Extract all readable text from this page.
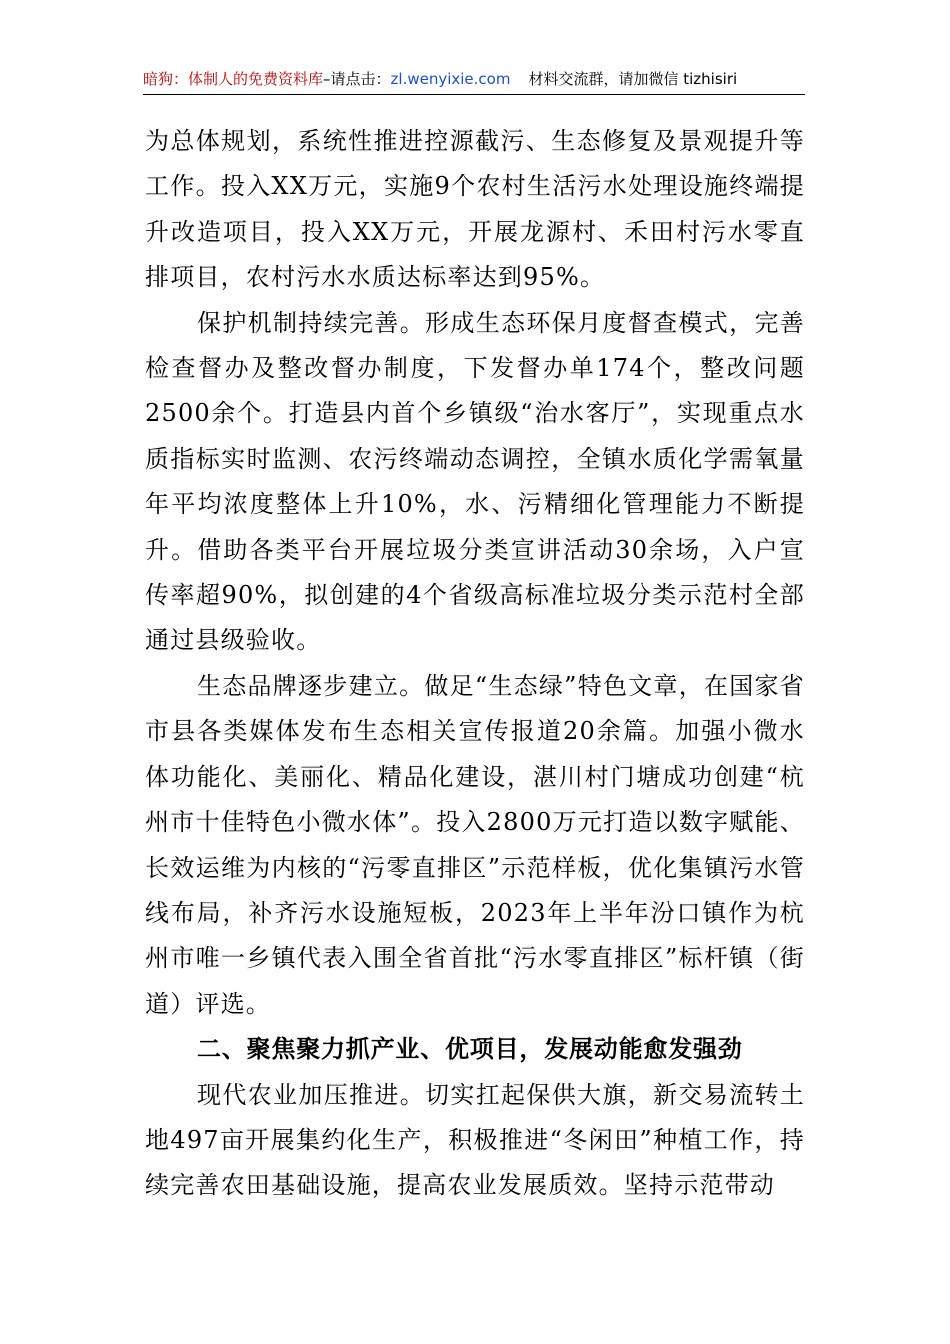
暗狗：体制人的免费资料库–请点击：zl.wenyixie.com 材料交流群，请加微信 tizhisiri

为总体规划，系统性推进控源截污、生态修复及景观提升等工作。投入XX万元，实施9个农村生活污水处理设施终端提升改造项目，投入XX万元，开展龙源村、禾田村污水零直排项目，农村污水水质达标率达到95%。

保护机制持续完善。形成生态环保月度督查模式，完善检查督办及整改督办制度，下发督办单174个，整改问题2500余个。打造县内首个乡镇级“治水客厅”，实现重点水质指标实时监测、农污终端动态调控，全镇水质化学需氧量年平均浓度整体上升10%，水、污精细化管理能力不断提升。借助各类平台开展垃圾分类宣讲活动30余场，入户宣传率超90%，拟创建的4个省级高标准垃圾分类示范村全部通过县级验收。

生态品牌逐步建立。做足“生态绿”特色文章，在国家省市县各类媒体发布生态相关宣传报道20余篇。加强小微水体功能化、美丽化、精品化建设，湛川村门塘成功创建“杭州市十佳特色小微水体”。投入2800万元打造以数字赋能、长效运维为内核的“污零直排区”示范样板，优化集镇污水管线布局，补齐污水设施短板，2023年上半年汾口镇作为杭州市唯一乡镇代表入围全省首批“污水零直排区”标杆镇（街道）评选。

二、聚焦聚力抓产业、优项目，发展动能愈发强劲

现代农业加压推进。切实扛起保供大旗，新交易流转土地497亩开展集约化生产，积极推进“冬闲田”种植工作，持续完善农田基础设施，提高农业发展质效。坚持示范带动
